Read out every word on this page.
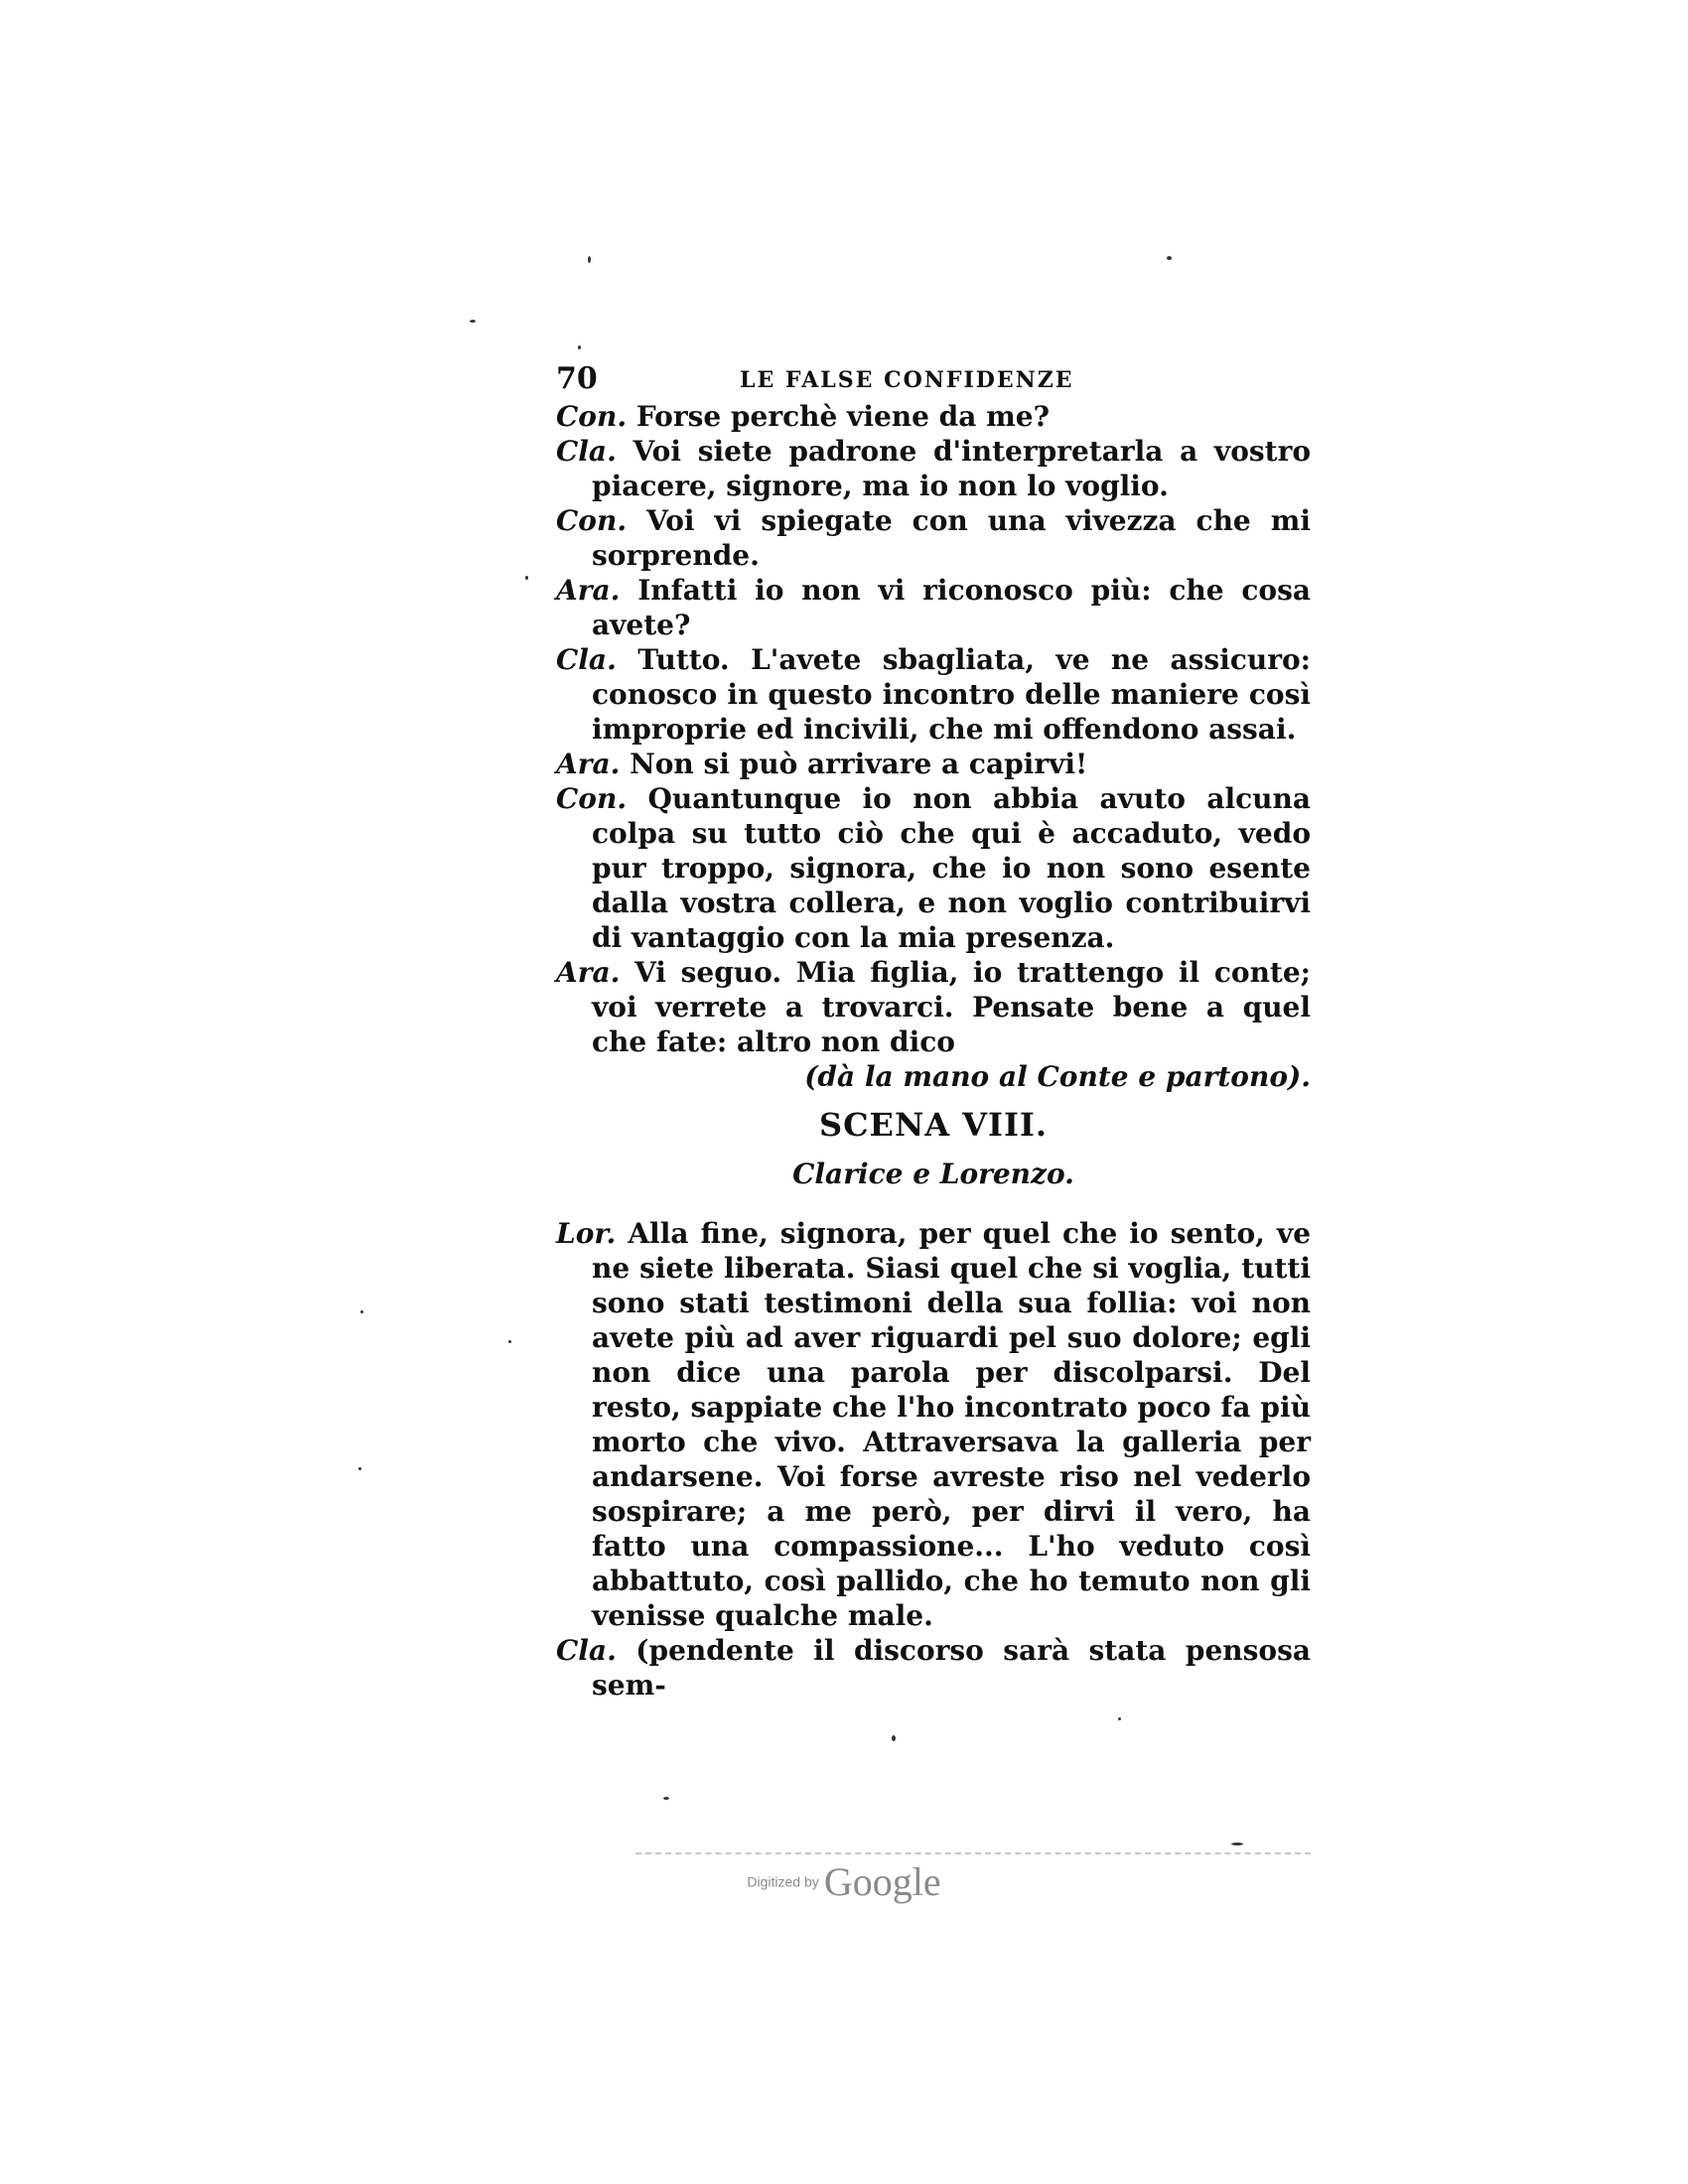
70	LE FALSE CONFIDENZE
Con. Forse perchè viene da me?
Cla. Voi siete padrone d'interpretarla a vostro piacere, signore, ma io non lo voglio.
Con. Voi vi spiegate con una vivezza che mi sorprende.
Ara. Infatti io non vi riconosco più: che cosa avete?
Cla. Tutto. L'avete sbagliata, ve ne assicuro: conosco in questo incontro delle maniere così improprie ed incivili, che mi offendono assai.
Ara. Non si può arrivare a capirvi!
Con. Quantunque io non abbia avuto alcuna colpa su tutto ciò che qui è accaduto, vedo pur troppo, signora, che io non sono esente dalla vostra collera, e non voglio contribuirvi di vantaggio con la mia presenza.
Ara. Vi seguo. Mia figlia, io trattengo il conte; voi verrete a trovarci. Pensate bene a quel che fate: altro non dico
(dà la mano al Conte e partono).
SCENA VIII.
Clarice e Lorenzo.
Lor. Alla fine, signora, per quel che io sento, ve ne siete liberata. Siasi quel che si voglia, tutti sono stati testimoni della sua follia: voi non avete più ad aver riguardi pel suo dolore; egli non dice una parola per discolparsi. Del resto, sappiate che l'ho incontrato poco fa più morto che vivo. Attraversava la galleria per andarsene. Voi forse avreste riso nel vederlo sospirare; a me però, per dirvi il vero, ha fatto una compassione... L'ho veduto così abbattuto, così pallido, che ho temuto non gli venisse qualche male.
Cla. (pendente il discorso sarà stata pensosa sem-
Digitized by Google
